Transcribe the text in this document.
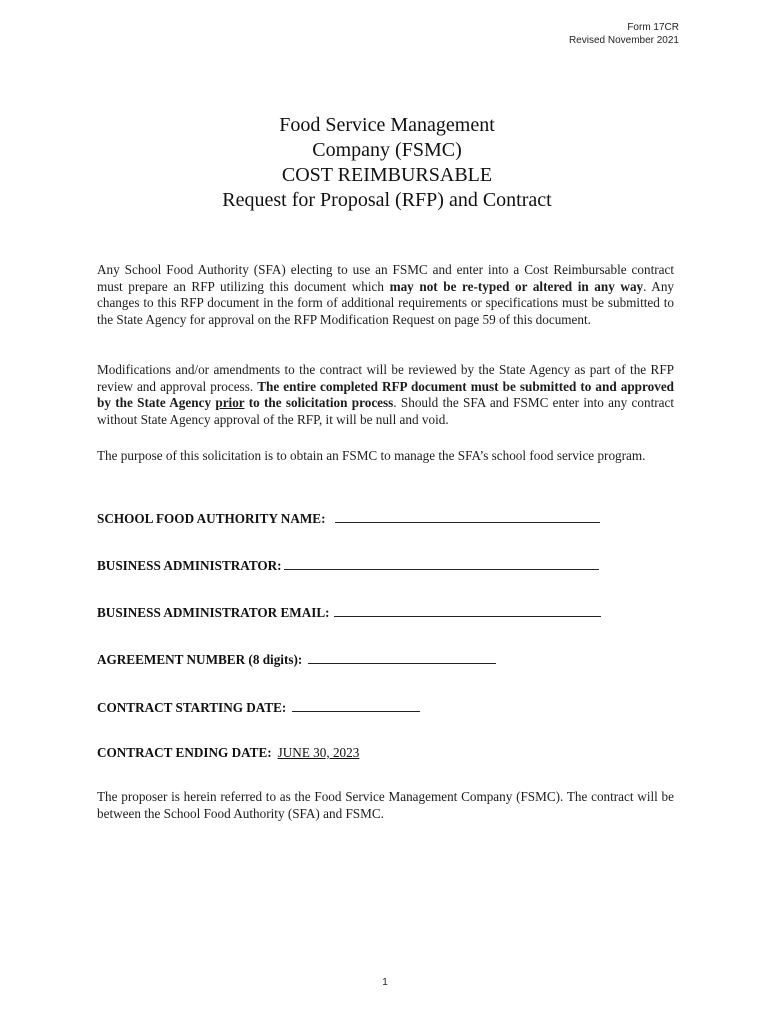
Form 17CR
Revised November 2021
Food Service Management
Company (FSMC)
COST REIMBURSABLE
Request for Proposal (RFP) and Contract

Any School Food Authority (SFA) electing to use an FSMC and enter into a Cost Reimbursable contract must prepare an RFP utilizing this document which may not be re-typed or altered in any way. Any changes to this RFP document in the form of additional requirements or specifications must be submitted to the State Agency for approval on the RFP Modification Request on page 59 of this document.

Modifications and/or amendments to the contract will be reviewed by the State Agency as part of the RFP review and approval process. The entire completed RFP document must be submitted to and approved by the State Agency prior to the solicitation process. Should the SFA and FSMC enter into any contract without State Agency approval of the RFP, it will be null and void.

The purpose of this solicitation is to obtain an FSMC to manage the SFA’s school food service program.

SCHOOL FOOD AUTHORITY NAME:
BUSINESS ADMINISTRATOR:
BUSINESS ADMINISTRATOR EMAIL:
AGREEMENT NUMBER (8 digits):
CONTRACT STARTING DATE:
CONTRACT ENDING DATE: JUNE 30, 2023

The proposer is herein referred to as the Food Service Management Company (FSMC). The contract will be between the School Food Authority (SFA) and FSMC.

1
